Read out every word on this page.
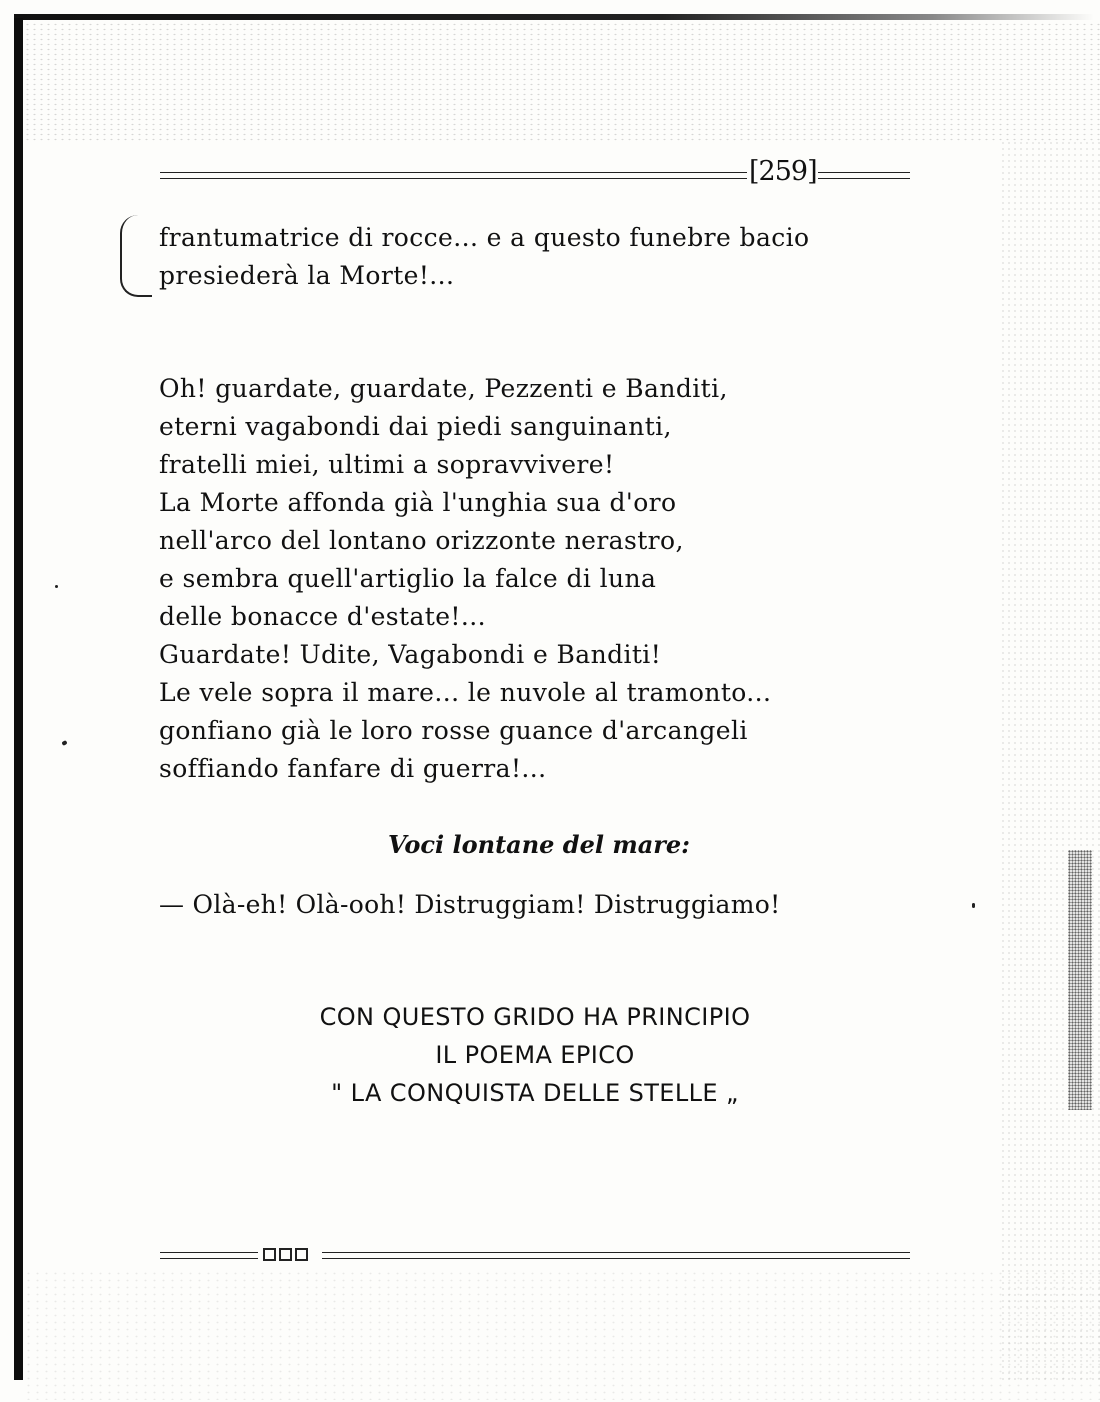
[259]
frantumatrice di rocce... e a questo funebre bacio
presiederà la Morte!...
Oh! guardate, guardate, Pezzenti e Banditi,
eterni vagabondi dai piedi sanguinanti,
fratelli miei, ultimi a sopravvivere!
La Morte affonda già l'unghia sua d'oro
nell'arco del lontano orizzonte nerastro,
e sembra quell'artiglio la falce di luna
delle bonacce d'estate!...
Guardate! Udite, Vagabondi e Banditi!
Le vele sopra il mare... le nuvole al tramonto...
gonfiano già le loro rosse guance d'arcangeli
soffiando fanfare di guerra!...
Voci lontane del mare:
— Olà-eh! Olà-ooh! Distruggiam! Distruggiamo!
CON QUESTO GRIDO HA PRINCIPIO
IL POEMA EPICO
" LA CONQUISTA DELLE STELLE „
